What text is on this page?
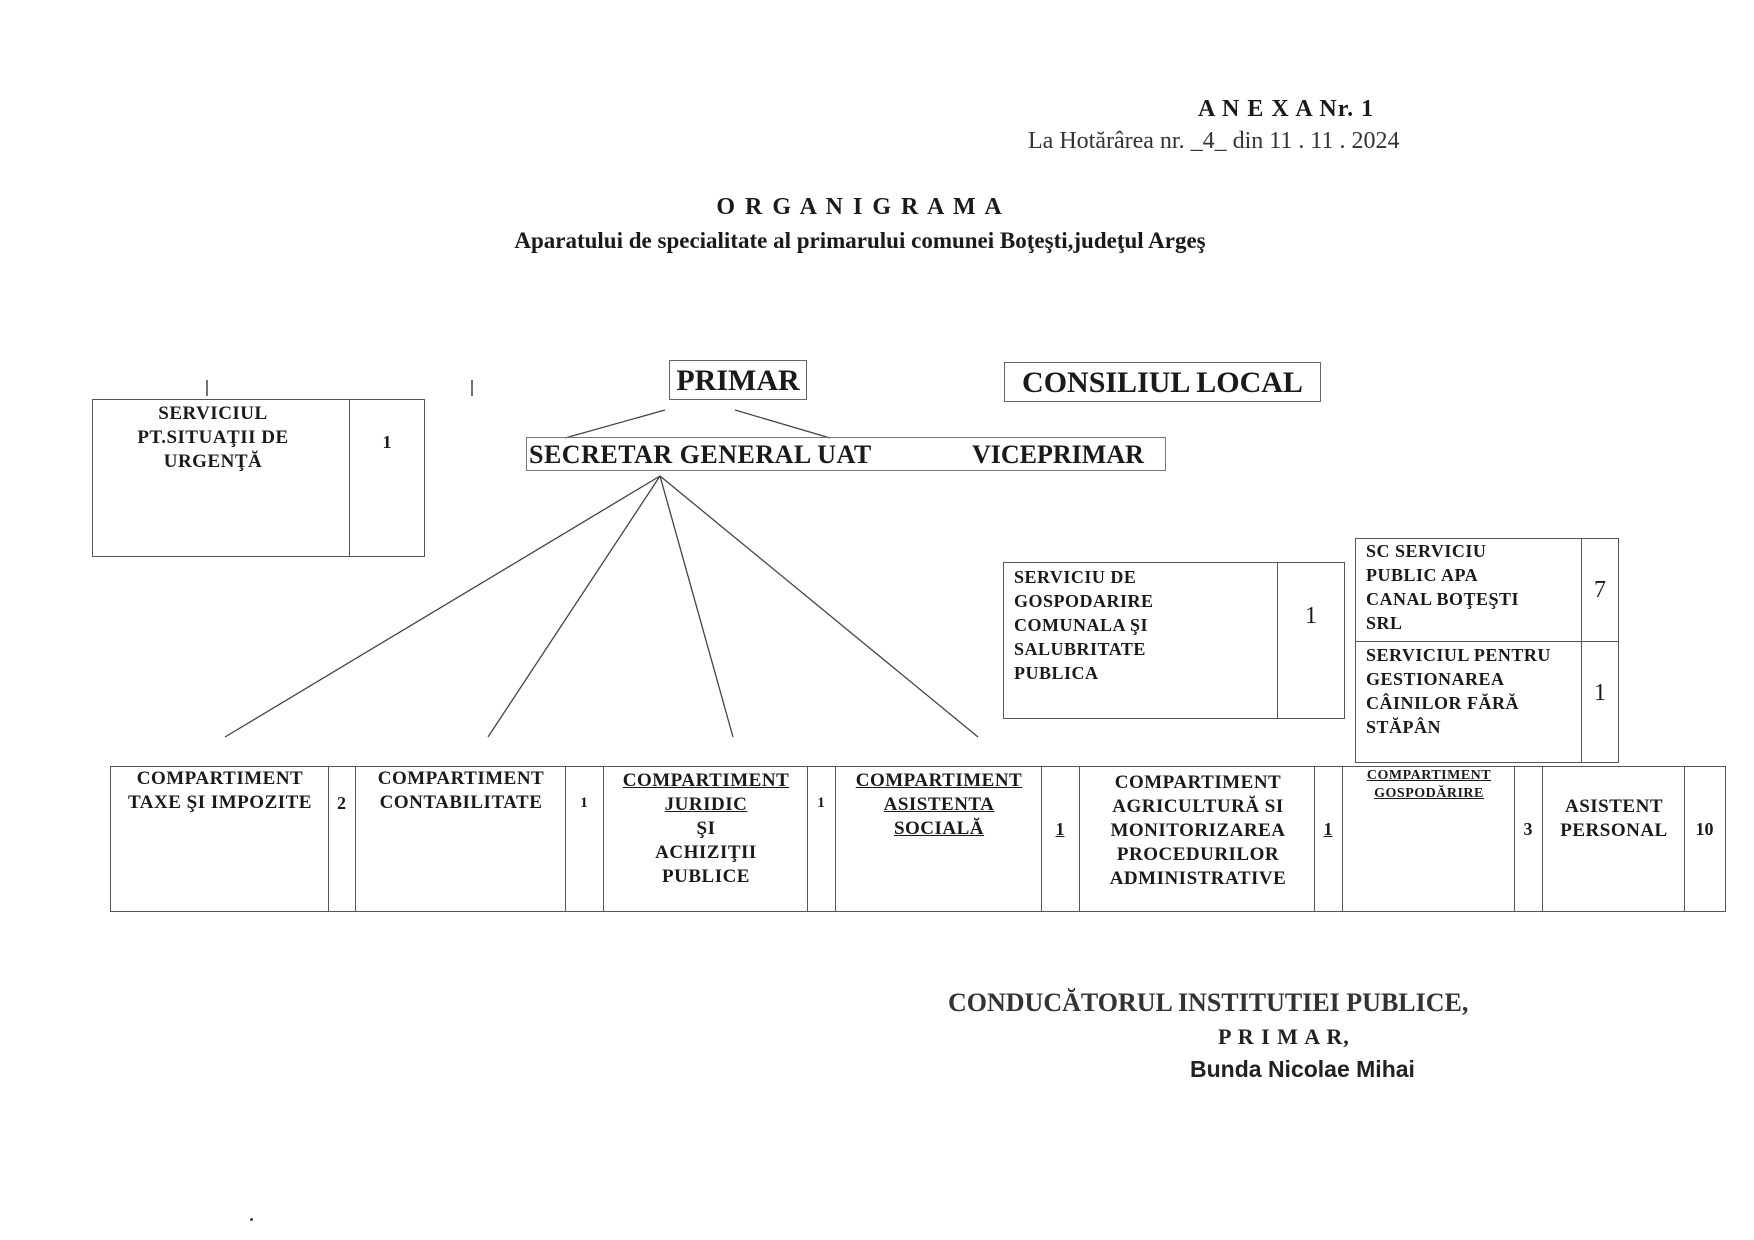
A N E X A Nr. 1
La Hotărârea nr. _4_ din 11 . 11 . 2024
O R G A N I G R A M A
Aparatului de specialitate al primarului comunei Boţeşti,judeţul Argeş
PRIMAR	CONSILIUL LOCAL
SECRETAR GENERAL UAT	VICEPRIMAR
SERVICIUL PT.SITUAŢII DE URGENŢĂ
1
SERVICIU DE GOSPODARIRE COMUNALA ŞI SALUBRITATE PUBLICA
1
SC SERVICIU PUBLIC APA CANAL BOŢEŞTI SRL
7
SERVICIUL PENTRU GESTIONAREA CÂINILOR FĂRĂ STĂPÂN
1
COMPARTIMENT TAXE ŞI IMPOZITE	2
COMPARTIMENT CONTABILITATE	1
COMPARTIMENT JURIDIC
ŞI ACHIZIŢII PUBLICE
1
COMPARTIMENT ASISTENTA SOCIALĂ	1
COMPARTIMENT AGRICULTURĂ SI MONITORIZAREA PROCEDURILOR ADMINISTRATIVE
1
COMPARTIMENT GOSPODĂRIRE
3
ASISTENT PERSONAL	10
CONDUCĂTORUL INSTITUTIEI PUBLICE,
P R I M A R,
Bunda Nicolae Mihai
